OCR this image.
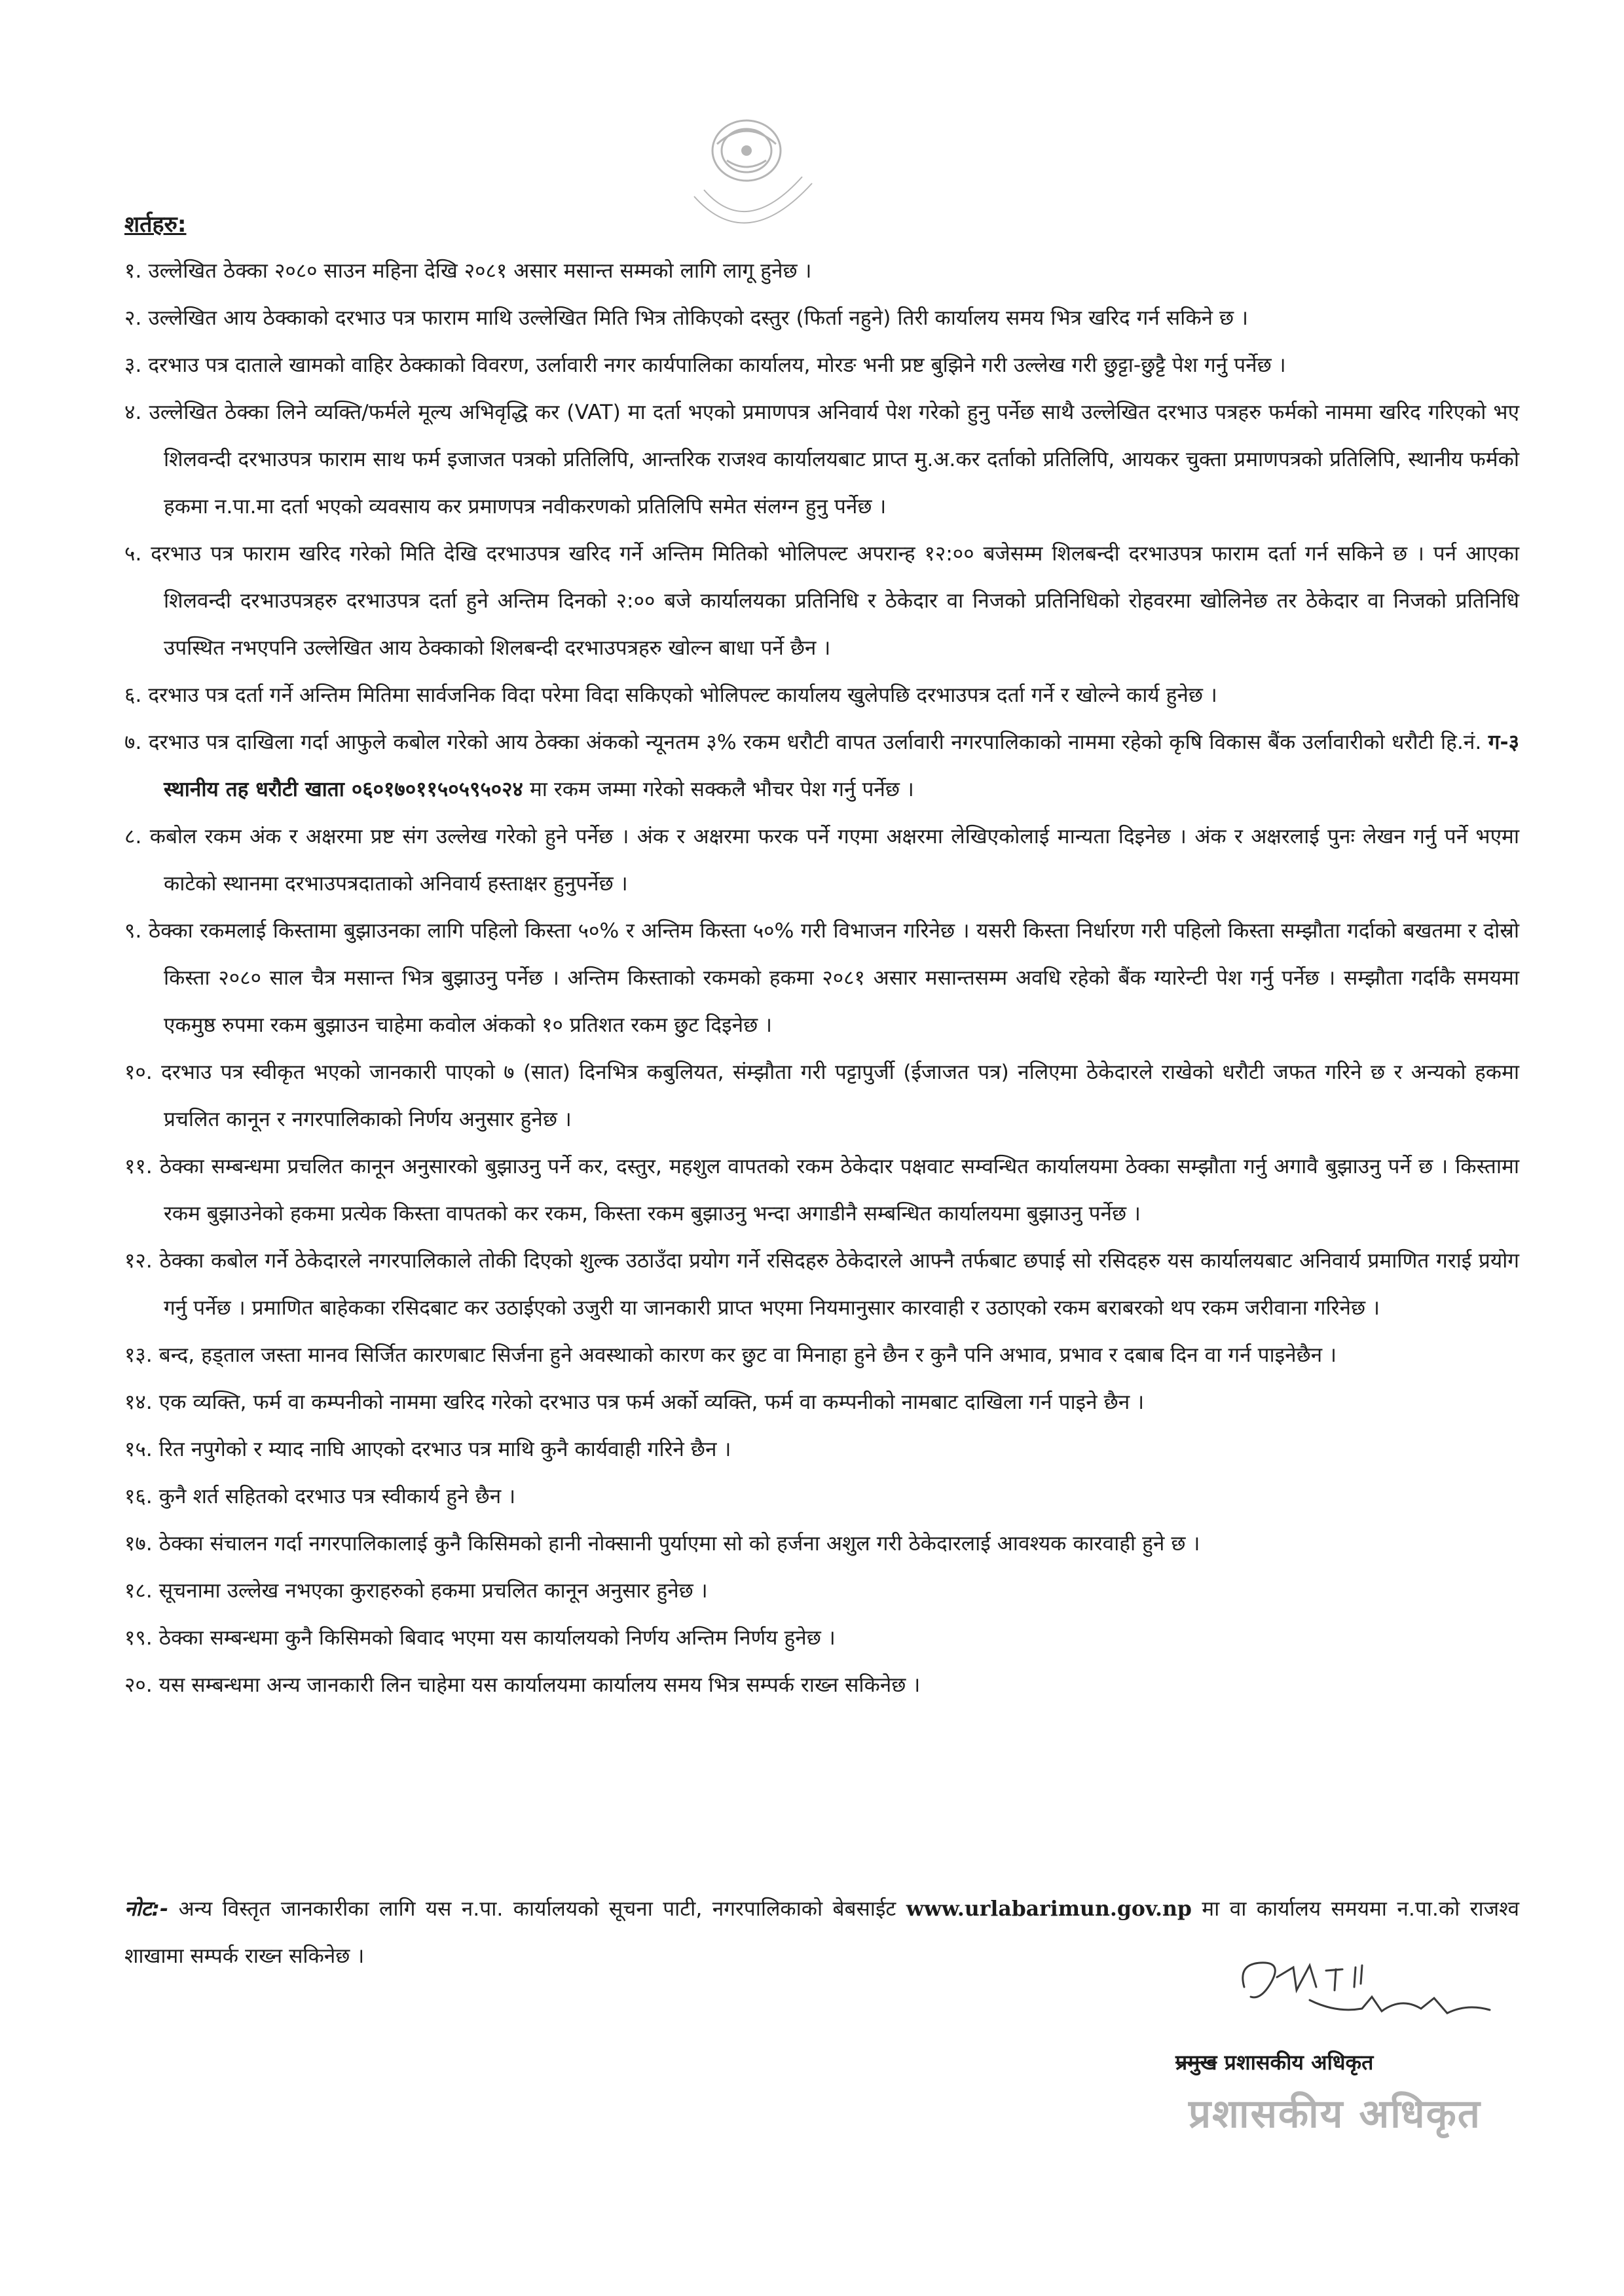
शर्तहरु:
१. उल्लेखित ठेक्का २०८० साउन महिना देखि २०८१ असार मसान्त सम्मको लागि लागू हुनेछ ।
२. उल्लेखित आय ठेक्काको दरभाउ पत्र फाराम माथि उल्लेखित मिति भित्र तोकिएको दस्तुर (फिर्ता नहुने) तिरी कार्यालय समय भित्र खरिद गर्न सकिने छ ।
३. दरभाउ पत्र दाताले खामको वाहिर ठेक्काको विवरण, उर्लावारी नगर कार्यपालिका कार्यालय, मोरङ भनी प्रष्ट बुझिने गरी उल्लेख गरी छुट्टा-छुट्टै पेश गर्नु पर्नेछ ।
४. उल्लेखित ठेक्का लिने व्यक्ति/फर्मले मूल्य अभिवृद्धि कर (VAT) मा दर्ता भएको प्रमाणपत्र अनिवार्य पेश गरेको हुनु पर्नेछ साथै उल्लेखित दरभाउ पत्रहरु फर्मको नाममा खरिद गरिएको भए शिलवन्दी दरभाउपत्र फाराम साथ फर्म इजाजत पत्रको प्रतिलिपि, आन्तरिक राजश्व कार्यालयबाट प्राप्त मु.अ.कर दर्ताको प्रतिलिपि, आयकर चुक्ता प्रमाणपत्रको प्रतिलिपि, स्थानीय फर्मको हकमा न.पा.मा दर्ता भएको व्यवसाय कर प्रमाणपत्र नवीकरणको प्रतिलिपि समेत संलग्न हुनु पर्नेछ ।
५. दरभाउ पत्र फाराम खरिद गरेको मिति देखि दरभाउपत्र खरिद गर्ने अन्तिम मितिको भोलिपल्ट अपरान्ह १२:०० बजेसम्म शिलबन्दी दरभाउपत्र फाराम दर्ता गर्न सकिने छ । पर्न आएका शिलवन्दी दरभाउपत्रहरु दरभाउपत्र दर्ता हुने अन्तिम दिनको २:०० बजे कार्यालयका प्रतिनिधि र ठेकेदार वा निजको प्रतिनिधिको रोहवरमा खोलिनेछ तर ठेकेदार वा निजको प्रतिनिधि उपस्थित नभएपनि उल्लेखित आय ठेक्काको शिलबन्दी दरभाउपत्रहरु खोल्न बाधा पर्ने छैन ।
६. दरभाउ पत्र दर्ता गर्ने अन्तिम मितिमा सार्वजनिक विदा परेमा विदा सकिएको भोलिपल्ट कार्यालय खुलेपछि दरभाउपत्र दर्ता गर्ने र खोल्ने कार्य हुनेछ ।
७. दरभाउ पत्र दाखिला गर्दा आफुले कबोल गरेको आय ठेक्का अंकको न्यूनतम ३% रकम धरौटी वापत उर्लावारी नगरपालिकाको नाममा रहेको कृषि विकास बैंक उर्लावारीको धरौटी हि.नं. ग-३ स्थानीय तह धरौटी खाता ०६०१७०११५०५९५०२४ मा रकम जम्मा गरेको सक्कलै भौचर पेश गर्नु पर्नेछ ।
८. कबोल रकम अंक र अक्षरमा प्रष्ट संग उल्लेख गरेको हुने पर्नेछ । अंक र अक्षरमा फरक पर्ने गएमा अक्षरमा लेखिएकोलाई मान्यता दिइनेछ । अंक र अक्षरलाई पुनः लेखन गर्नु पर्ने भएमा काटेको स्थानमा दरभाउपत्रदाताको अनिवार्य हस्ताक्षर हुनुपर्नेछ ।
९. ठेक्का रकमलाई किस्तामा बुझाउनका लागि पहिलो किस्ता ५०% र अन्तिम किस्ता ५०% गरी विभाजन गरिनेछ । यसरी किस्ता निर्धारण गरी पहिलो किस्ता सम्झौता गर्दाको बखतमा र दोस्रो किस्ता २०८० साल चैत्र मसान्त भित्र बुझाउनु पर्नेछ । अन्तिम किस्ताको रकमको हकमा २०८१ असार मसान्तसम्म अवधि रहेको बैंक ग्यारेन्टी पेश गर्नु पर्नेछ । सम्झौता गर्दाकै समयमा एकमुष्ठ रुपमा रकम बुझाउन चाहेमा कवोल अंकको १० प्रतिशत रकम छुट दिइनेछ ।
१०. दरभाउ पत्र स्वीकृत भएको जानकारी पाएको ७ (सात) दिनभित्र कबुलियत, संम्झौता गरी पट्टापुर्जी (ईजाजत पत्र) नलिएमा ठेकेदारले राखेको धरौटी जफत गरिने छ र अन्यको हकमा प्रचलित कानून र नगरपालिकाको निर्णय अनुसार हुनेछ ।
११. ठेक्का सम्बन्धमा प्रचलित कानून अनुसारको बुझाउनु पर्ने कर, दस्तुर, महशुल वापतको रकम ठेकेदार पक्षवाट सम्वन्धित कार्यालयमा ठेक्का सम्झौता गर्नु अगावै बुझाउनु पर्ने छ । किस्तामा रकम बुझाउनेको हकमा प्रत्येक किस्ता वापतको कर रकम, किस्ता रकम बुझाउनु भन्दा अगाडीनै सम्बन्धित कार्यालयमा बुझाउनु पर्नेछ ।
१२. ठेक्का कबोल गर्ने ठेकेदारले नगरपालिकाले तोकी दिएको शुल्क उठाउँदा प्रयोग गर्ने रसिदहरु ठेकेदारले आफ्नै तर्फबाट छपाई सो रसिदहरु यस कार्यालयबाट अनिवार्य प्रमाणित गराई प्रयोग गर्नु पर्नेछ । प्रमाणित बाहेकका रसिदबाट कर उठाईएको उजुरी या जानकारी प्राप्त भएमा नियमानुसार कारवाही र उठाएको रकम बराबरको थप रकम जरीवाना गरिनेछ ।
१३. बन्द, हड्ताल जस्ता मानव सिर्जित कारणबाट सिर्जना हुने अवस्थाको कारण कर छुट वा मिनाहा हुने छैन र कुनै पनि अभाव, प्रभाव र दबाब दिन वा गर्न पाइनेछैन ।
१४. एक व्यक्ति, फर्म वा कम्पनीको नाममा खरिद गरेको दरभाउ पत्र फर्म अर्को व्यक्ति, फर्म वा कम्पनीको नामबाट दाखिला गर्न पाइने छैन ।
१५. रित नपुगेको र म्याद नाघि आएको दरभाउ पत्र माथि कुनै कार्यवाही गरिने छैन ।
१६. कुनै शर्त सहितको दरभाउ पत्र स्वीकार्य हुने छैन ।
१७. ठेक्का संचालन गर्दा नगरपालिकालाई कुनै किसिमको हानी नोक्सानी पुर्याएमा सो को हर्जना अशुल गरी ठेकेदारलाई आवश्यक कारवाही हुने छ ।
१८. सूचनामा उल्लेख नभएका कुराहरुको हकमा प्रचलित कानून अनुसार हुनेछ ।
१९. ठेक्का सम्बन्धमा कुनै किसिमको बिवाद भएमा यस कार्यालयको निर्णय अन्तिम निर्णय हुनेछ ।
२०. यस सम्बन्धमा अन्य जानकारी लिन चाहेमा यस कार्यालयमा कार्यालय समय भित्र सम्पर्क राख्न सकिनेछ ।

नोट:- अन्य विस्तृत जानकारीका लागि यस न.पा. कार्यालयको सूचना पाटी, नगरपालिकाको बेबसाईट www.urlabarimun.gov.np मा वा कार्यालय समयमा न.पा.को राजश्व शाखामा सम्पर्क राख्न सकिनेछ ।

प्रमुख प्रशासकीय अधिकृत

प्रशासकीय अधिकृत
